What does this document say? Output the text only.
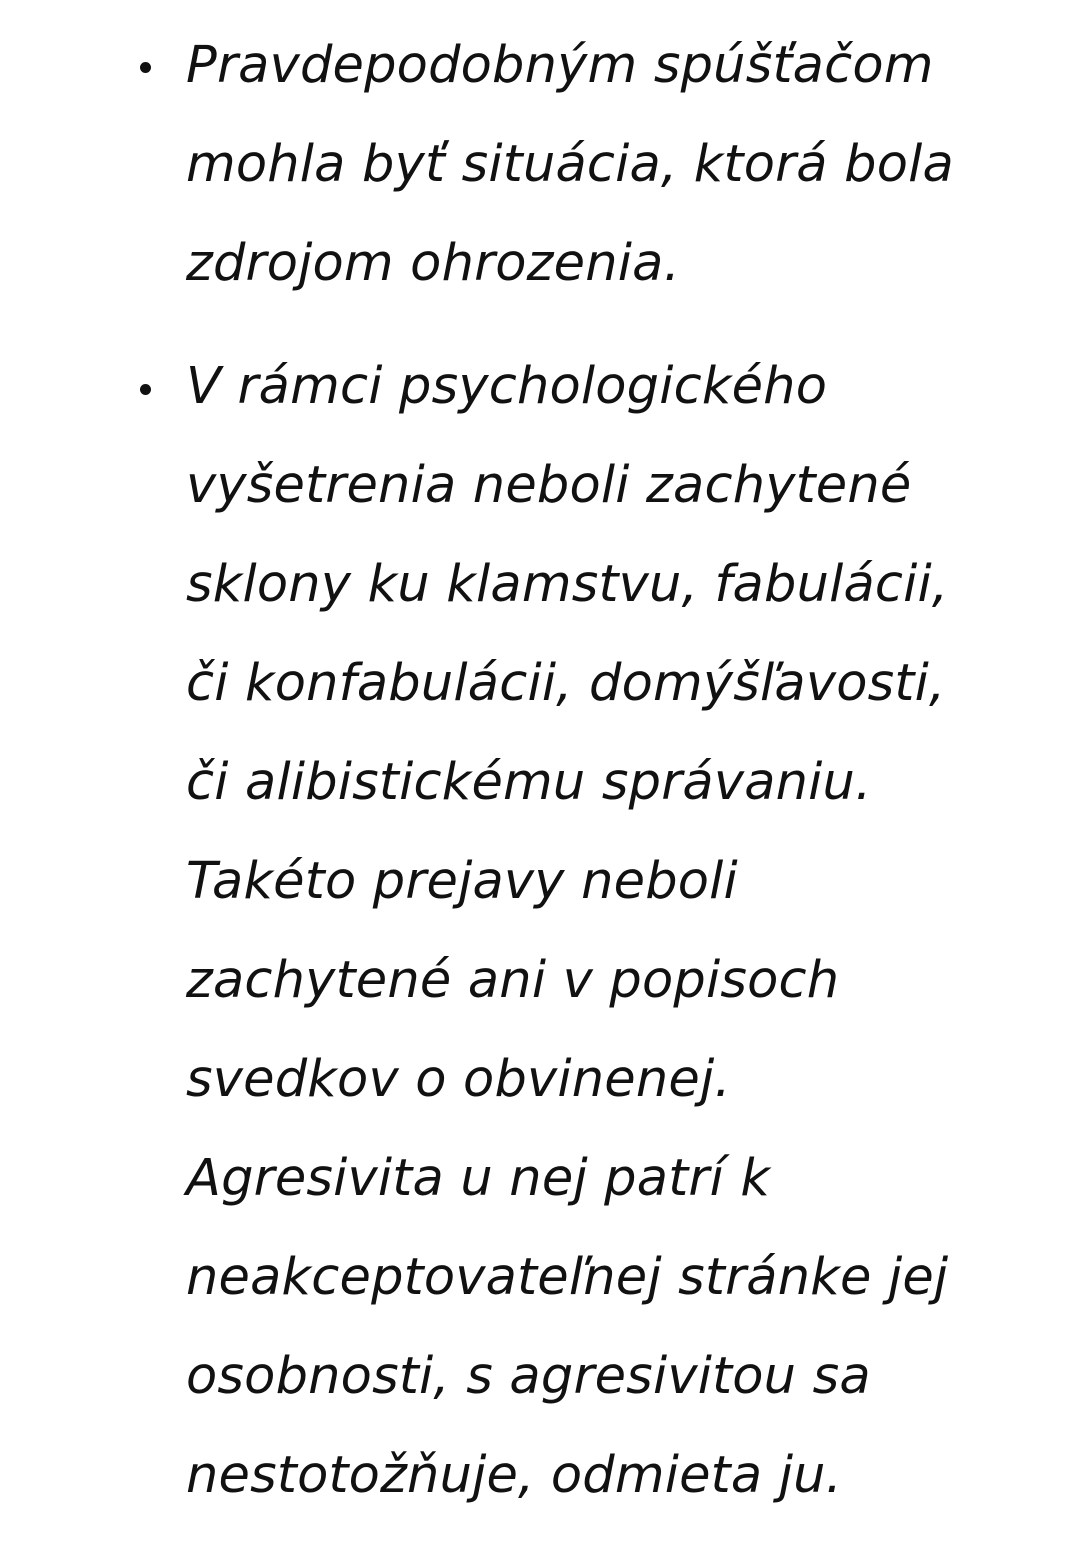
Pravdepodobným spúšťačom
mohla byť situácia, ktorá bola
zdrojom ohrozenia.
V rámci psychologického
vyšetrenia neboli zachytené
sklony ku klamstvu, fabulácii,
či konfabulácii, domýšľavosti,
či alibistickému správaniu.
Takéto prejavy neboli
zachytené ani v popisoch
svedkov o obvinenej.
Agresivita u nej patrí k
neakceptovateľnej stránke jej
osobnosti, s agresivitou sa
nestotožňuje, odmieta ju.
